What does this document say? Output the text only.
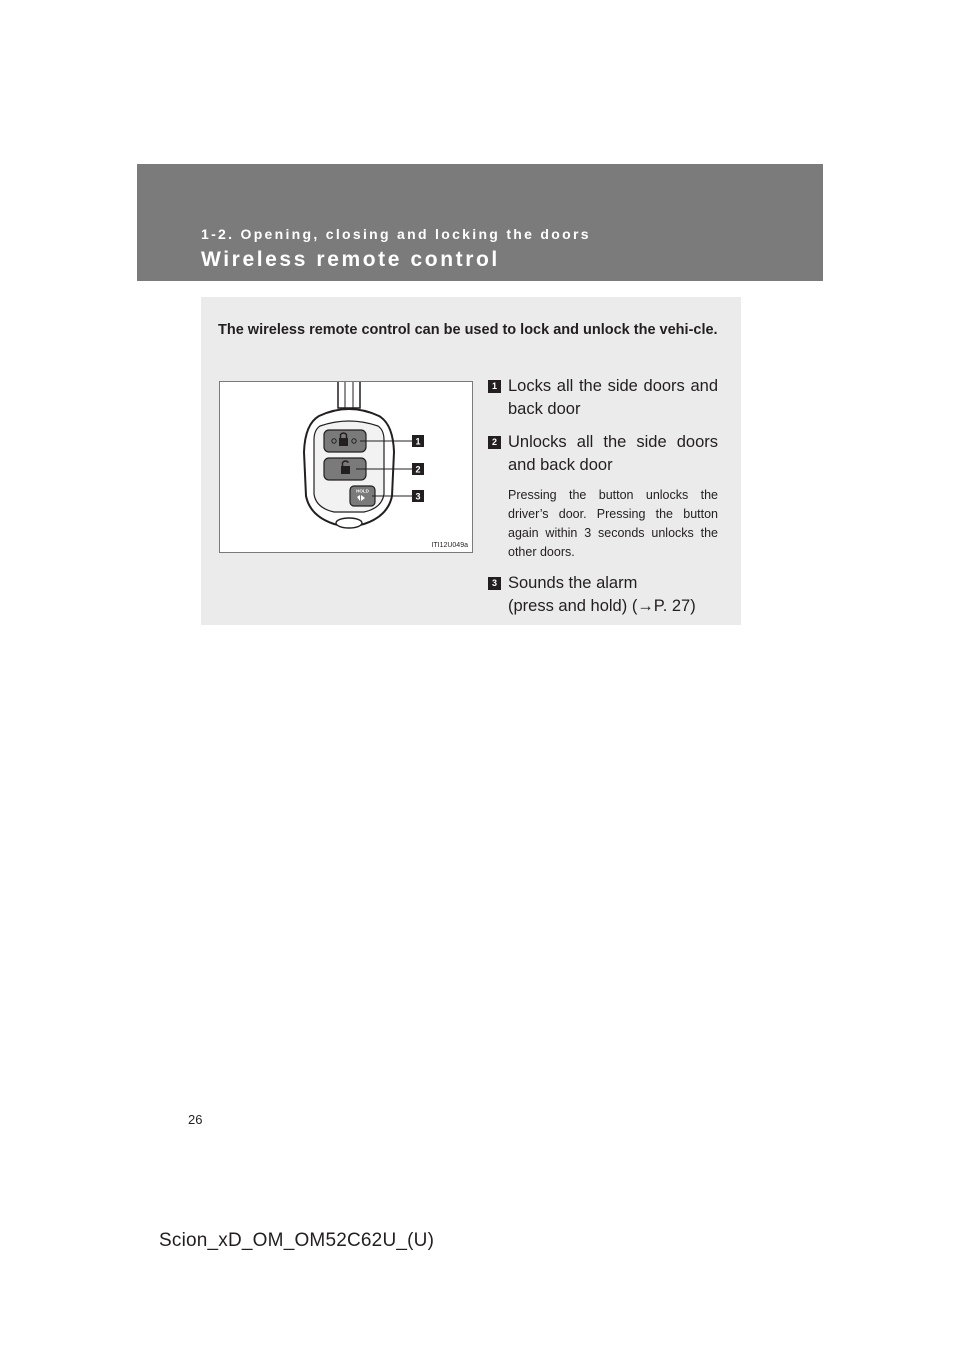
1-2. Opening, closing and locking the doors
Wireless remote control
The wireless remote control can be used to lock and unlock the vehi-cle.
HOLD
1
2
3
ITI12U049a
1 Locks all the side doors and back door
2 Unlocks all the side doors and back door
Pressing the button unlocks the driver’s door. Pressing the button again within 3 seconds unlocks the other doors.
3 Sounds the alarm
(press and hold) (→P. 27)
26
Scion_xD_OM_OM52C62U_(U)
